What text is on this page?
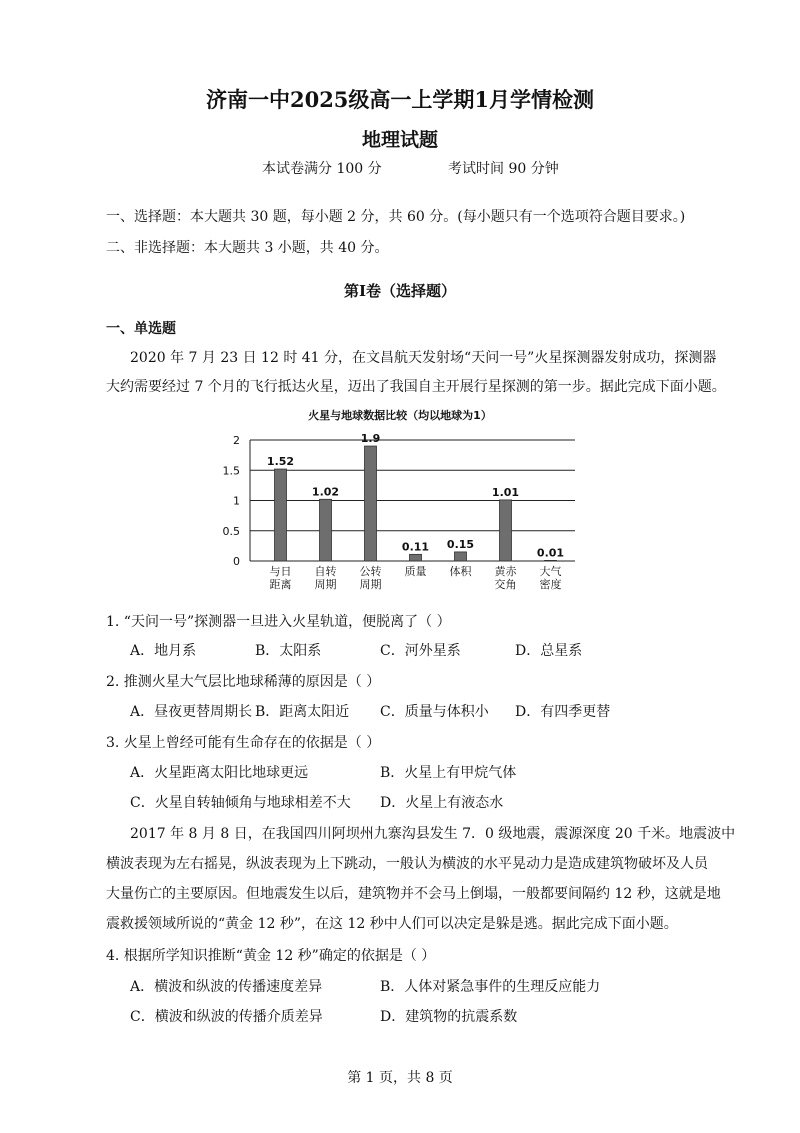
济南一中2025级高一上学期1月学情检测
地理试题
本试卷满分 100 分	考试时间 90 分钟
一、选择题：本大题共 30 题，每小题 2 分，共 60 分。(每小题只有一个选项符合题目要求。)
二、非选择题：本大题共 3 小题，共 40 分。
第Ⅰ卷（选择题）
一、单选题
2020 年 7 月 23 日 12 时 41 分，在文昌航天发射场“天问一号”火星探测器发射成功，探测器
大约需要经过 7 个月的飞行抵达火星，迈出了我国自主开展行星探测的第一步。据此完成下面小题。
火星与地球数据比较（均以地球为1）
0
0.5
1
1.5
2
1.52
1.02
1.9
0.11 0.15
1.01
0.01
与日
距离
自转
周期
公转
周期
质量 体积 黄赤
交角
大气
密度
1. “天问一号”探测器一旦进入火星轨道，便脱离了（ ）
A．地月系	B．太阳系	C．河外星系	D．总星系
2. 推测火星大气层比地球稀薄的原因是（ ）
A．昼夜更替周期长 B．距离太阳近 C．质量与体积小 D．有四季更替
3. 火星上曾经可能有生命存在的依据是（ ）
A．火星距离太阳比地球更远	B．火星上有甲烷气体
C．火星自转轴倾角与地球相差不大 D．火星上有液态水
2017 年 8 月 8 日，在我国四川阿坝州九寨沟县发生 7．0 级地震，震源深度 20 千米。地震波中
横波表现为左右摇晃，纵波表现为上下跳动，一般认为横波的水平晃动力是造成建筑物破坏及人员
大量伤亡的主要原因。但地震发生以后，建筑物并不会马上倒塌，一般都要间隔约 12 秒，这就是地
震救援领域所说的“黄金 12 秒”，在这 12 秒中人们可以决定是躲是逃。据此完成下面小题。
4. 根据所学知识推断“黄金 12 秒”确定的依据是（ ）
A．横波和纵波的传播速度差异	B．人体对紧急事件的生理反应能力
C．横波和纵波的传播介质差异	D．建筑物的抗震系数
第 1 页，共 8 页
